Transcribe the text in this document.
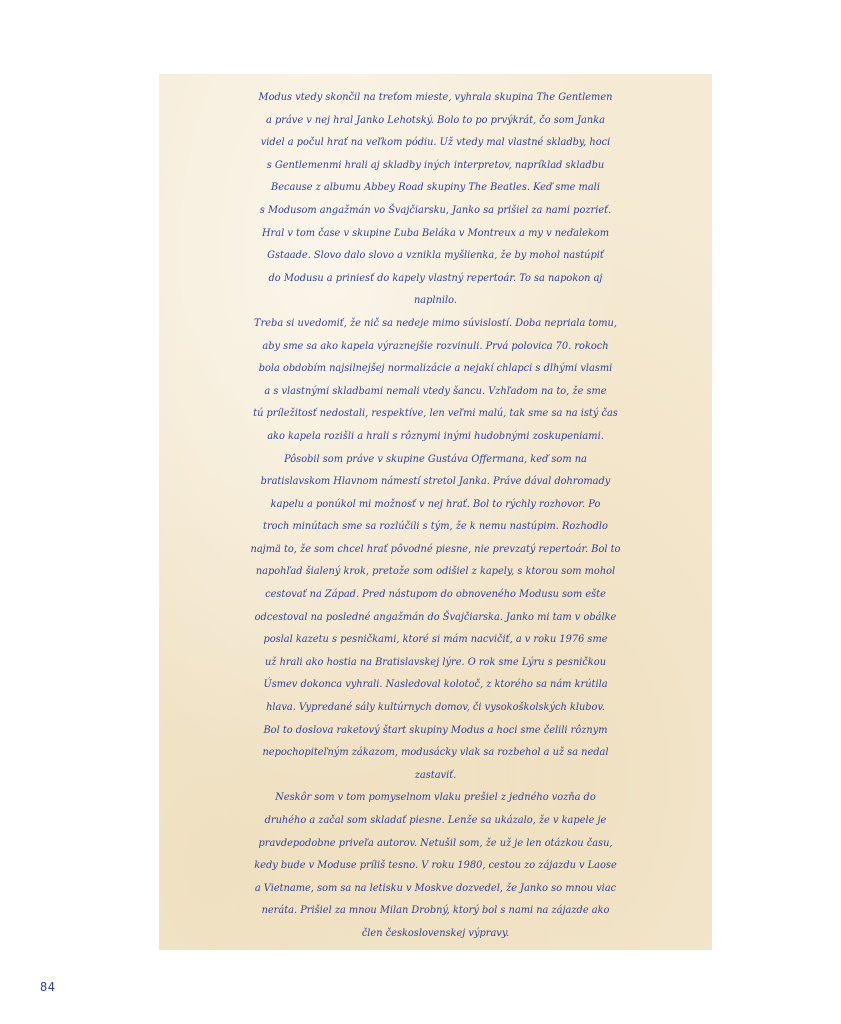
Modus vtedy skončil na treťom mieste, vyhrala skupina The Gentlemen
a práve v nej hral Janko Lehotský. Bolo to po prvýkrát, čo som Janka
videl a počul hrať na veľkom pódiu. Už vtedy mal vlastné skladby, hoci
s Gentlemenmi hrali aj skladby iných interpretov, napríklad skladbu
Because z albumu Abbey Road skupiny The Beatles. Keď sme mali
s Modusom angažmán vo Švajčiarsku, Janko sa prišiel za nami pozrieť.
Hral v tom čase v skupine Ľuba Beláka v Montreux a my v neďalekom
Gstaade. Slovo dalo slovo a vznikla myšlienka, že by mohol nastúpiť
do Modusu a priniesť do kapely vlastný repertoár. To sa napokon aj
naplnilo.
Treba si uvedomiť, že nič sa nedeje mimo súvislostí. Doba nepriala tomu,
aby sme sa ako kapela výraznejšie rozvinuli. Prvá polovica 70. rokoch
bola obdobím najsilnejšej normalizácie a nejakí chlapci s dlhými vlasmi
a s vlastnými skladbami nemali vtedy šancu. Vzhľadom na to, že sme
tú príležitosť nedostali, respektíve, len veľmi malú, tak sme sa na istý čas
ako kapela rozišli a hrali s rôznymi inými hudobnými zoskupeniami.
Pôsobil som práve v skupine Gustáva Offermana, keď som na
bratislavskom Hlavnom námestí stretol Janka. Práve dával dohromady
kapelu a ponúkol mi možnosť v nej hrať. Bol to rýchly rozhovor. Po
troch minútach sme sa rozlúčili s tým, že k nemu nastúpim. Rozhodlo
najmä to, že som chcel hrať pôvodné piesne, nie prevzatý repertoár. Bol to
napohľad šialený krok, pretože som odišiel z kapely, s ktorou som mohol
cestovať na Západ. Pred nástupom do obnoveného Modusu som ešte
odcestoval na posledné angažmán do Švajčiarska. Janko mi tam v obálke
poslal kazetu s pesničkami, ktoré si mám nacvičiť, a v roku 1976 sme
už hrali ako hostia na Bratislavskej lýre. O rok sme Lýru s pesničkou
Úsmev dokonca vyhrali. Nasledoval kolotoč, z ktorého sa nám krútila
hlava. Vypredané sály kultúrnych domov, či vysokoškolských klubov.
Bol to doslova raketový štart skupiny Modus a hoci sme čelili rôznym
nepochopiteľným zákazom, modusácky vlak sa rozbehol a už sa nedal
zastaviť.
Neskôr som v tom pomyselnom vlaku prešiel z jedného vozňa do
druhého a začal som skladať piesne. Lenže sa ukázalo, že v kapele je
pravdepodobne priveľa autorov. Netušil som, že už je len otázkou času,
kedy bude v Moduse príliš tesno. V roku 1980, cestou zo zájazdu v Laose
a Vietname, som sa na letisku v Moskve dozvedel, že Janko so mnou viac
neráta. Prišiel za mnou Milan Drobný, ktorý bol s nami na zájazde ako
člen československej výpravy.

84
